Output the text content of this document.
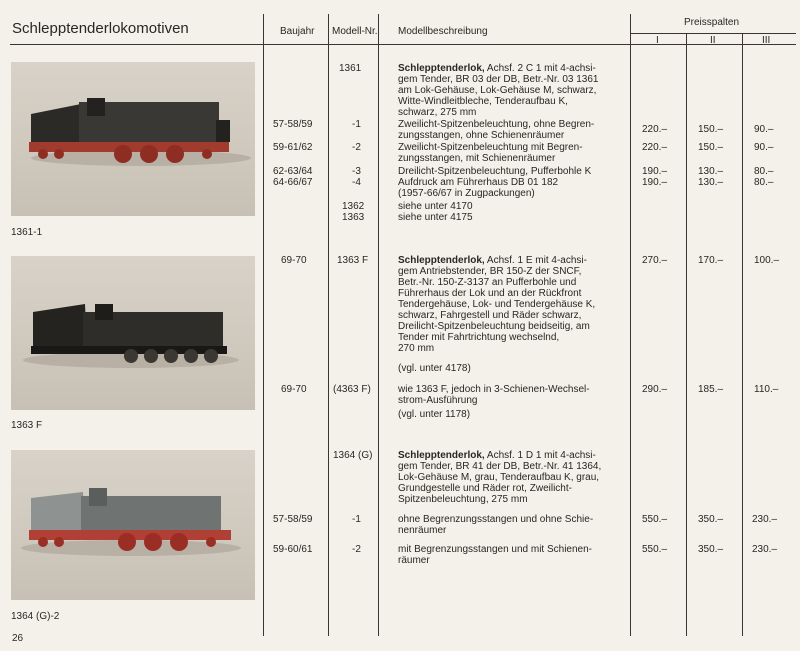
Schlepptenderlokomotiven	Baujahr Modell-Nr. Modellbeschreibung
Preisspalten
I	II	III
1361-1
1363 F
1364 (G)-2
1361	Schlepptenderlok, Achsf. 2 C 1 mit 4-achsi-
gem Tender, BR 03 der DB, Betr.-Nr. 03 1361
am Lok-Gehäuse, Lok-Gehäuse M, schwarz,
Witte-Windleitbleche, Tenderaufbau K,
schwarz, 275 mm
57-58/59	-1	Zweilicht-Spitzenbeleuchtung, ohne Begren-
zungsstangen, ohne Schienenräumer
220.–	150.–	90.–
59-61/62	-2	Zweilicht-Spitzenbeleuchtung mit Begren-
zungsstangen, mit Schienenräumer
220.–	150.–	90.–
62-63/64	-3	Dreilicht-Spitzenbeleuchtung, Pufferbohle K	190.–	130.–	80.–
64-66/67	-4	Aufdruck am Führerhaus DB 01 182
(1957-66/67 in Zugpackungen)
190.–	130.–	80.–
1362	siehe unter 4170
1363	siehe unter 4175
69-70	1363 F	Schlepptenderlok, Achsf. 1 E mit 4-achsi-
gem Antriebstender, BR 150-Z der SNCF,
Betr.-Nr. 150-Z-3137 an Pufferbohle und
Führerhaus der Lok und an der Rückfront
Tendergehäuse, Lok- und Tendergehäuse K,
schwarz, Fahrgestell und Räder schwarz,
Dreilicht-Spitzenbeleuchtung beidseitig, am
Tender mit Fahrtrichtung wechselnd,
270 mm
(vgl. unter 4178)
270.–	170.–	100.–
69-70	(4363 F)	wie 1363 F, jedoch in 3-Schienen-Wechsel-
strom-Ausführung
(vgl. unter 1178)
290.–	185.–	110.–
1364 (G)	Schlepptenderlok, Achsf. 1 D 1 mit 4-achsi-
gem Tender, BR 41 der DB, Betr.-Nr. 41 1364,
Lok-Gehäuse M, grau, Tenderaufbau K, grau,
Grundgestelle und Räder rot, Zweilicht-
Spitzenbeleuchtung, 275 mm
57-58/59	-1	ohne Begrenzungsstangen und ohne Schie-
nenräumer
550.–	350.–	230.–
59-60/61	-2	mit Begrenzungsstangen und mit Schienen-
räumer
550.–	350.–	230.–
26
